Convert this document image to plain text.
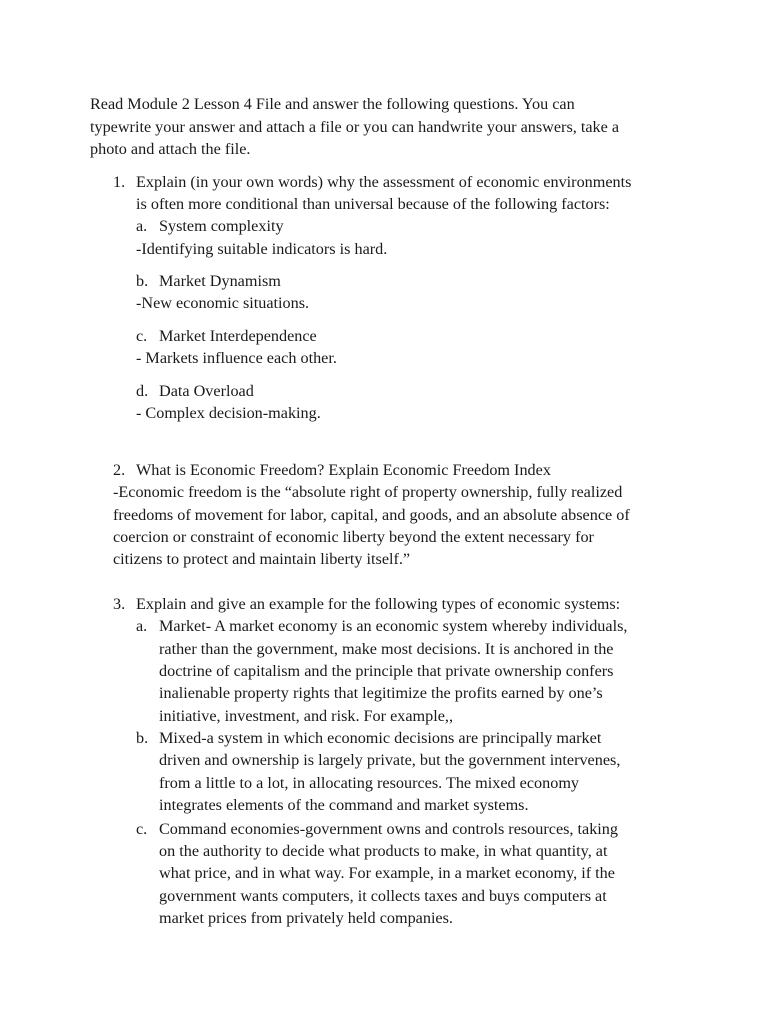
Read Module 2 Lesson 4 File and answer the following questions. You can
typewrite your answer and attach a file or you can handwrite your answers, take a
photo and attach the file.
1. Explain (in your own words) why the assessment of economic environments
is often more conditional than universal because of the following factors:
a. System complexity
-Identifying suitable indicators is hard.
b. Market Dynamism
-New economic situations.
c. Market Interdependence
- Markets influence each other.
d. Data Overload
- Complex decision-making.
2. What is Economic Freedom? Explain Economic Freedom Index
-Economic freedom is the “absolute right of property ownership, fully realized
freedoms of movement for labor, capital, and goods, and an absolute absence of
coercion or constraint of economic liberty beyond the extent necessary for
citizens to protect and maintain liberty itself.”
3. Explain and give an example for the following types of economic systems:
a. Market- A market economy is an economic system whereby individuals,
rather than the government, make most decisions. It is anchored in the
doctrine of capitalism and the principle that private ownership confers
inalienable property rights that legitimize the profits earned by one’s
initiative, investment, and risk. For example,,
b. Mixed-a system in which economic decisions are principally market
driven and ownership is largely private, but the government intervenes,
from a little to a lot, in allocating resources. The mixed economy
integrates elements of the command and market systems.
c. Command economies-government owns and controls resources, taking
on the authority to decide what products to make, in what quantity, at
what price, and in what way. For example, in a market economy, if the
government wants computers, it collects taxes and buys computers at
market prices from privately held companies.
